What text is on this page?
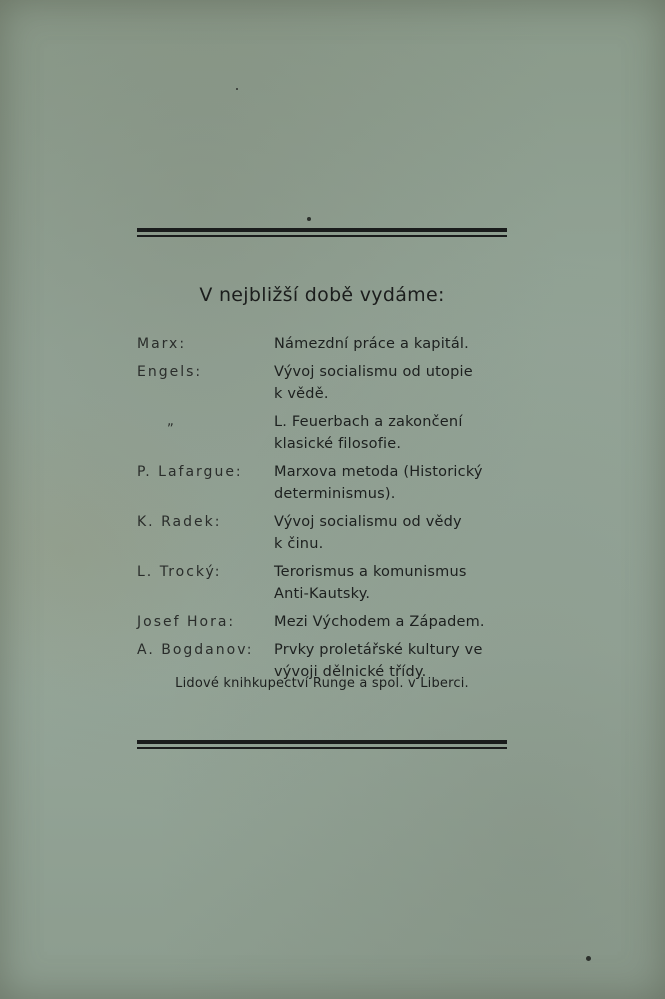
V nejbližší době vydáme:
Marx:	Námezdní práce a kapitál.
Engels:	Vývoj socialismu od utopie
k vědě.
„	L. Feuerbach a zakončení
klasické filosofie.
P. Lafargue:	Marxova metoda (Historický
determinismus).
K. Radek:	Vývoj socialismu od vědy
k činu.
L. Trocký:	Terorismus a komunismus
Anti-Kautsky.
Josef Hora:	Mezi Východem a Západem.
A. Bogdanov:	Prvky proletářské kultury ve
vývoji dělnické třídy.
Lidové knihkupectví Runge a spol. v Liberci.
